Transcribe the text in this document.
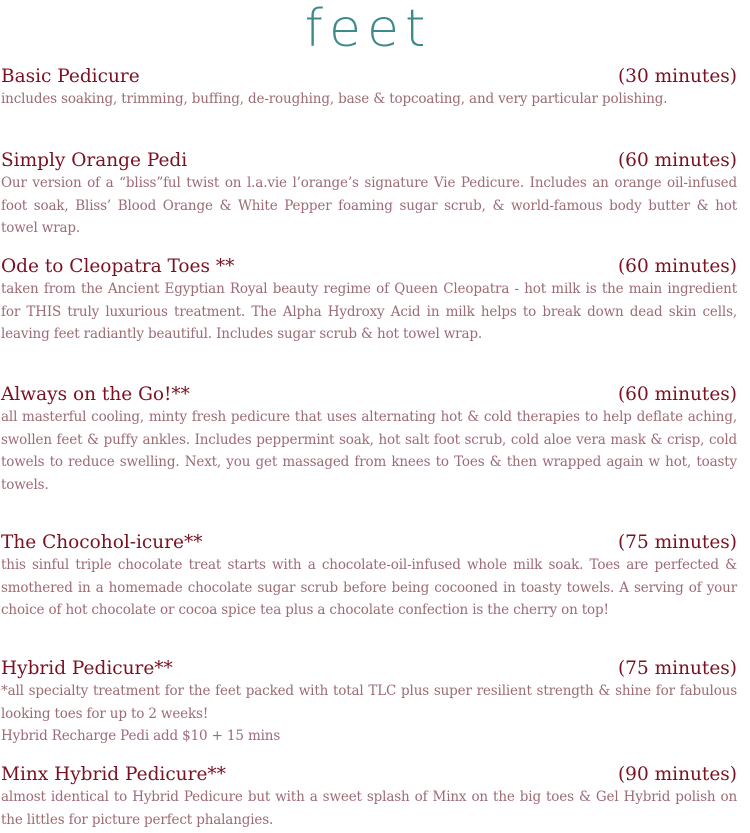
feet
Basic Pedicure	(30 minutes)
includes soaking, trimming, buffing, de-roughing, base & topcoating, and very particular polishing.
Simply Orange Pedi	(60 minutes)
Our version of a “bliss”ful twist on l.a.vie l’orange’s signature Vie Pedicure. Includes an orange oil-infused foot soak, Bliss’ Blood Orange & White Pepper foaming sugar scrub, & world-famous body butter & hot towel wrap.
Ode to Cleopatra Toes **	(60 minutes)
taken from the Ancient Egyptian Royal beauty regime of Queen Cleopatra - hot milk is the main ingredient for THIS truly luxurious treatment. The Alpha Hydroxy Acid in milk helps to break down dead skin cells, leaving feet radiantly beautiful. Includes sugar scrub & hot towel wrap.
Always on the Go!**	(60 minutes)
all masterful cooling, minty fresh pedicure that uses alternating hot & cold therapies to help deflate aching, swollen feet & puffy ankles. Includes peppermint soak, hot salt foot scrub, cold aloe vera mask & crisp, cold towels to reduce swelling. Next, you get massaged from knees to Toes & then wrapped again w hot, toasty towels.
The Chocohol-icure**	(75 minutes)
this sinful triple chocolate treat starts with a chocolate-oil-infused whole milk soak. Toes are perfected & smothered in a homemade chocolate sugar scrub before being cocooned in toasty towels. A serving of your choice of hot chocolate or cocoa spice tea plus a chocolate confection is the cherry on top!
Hybrid Pedicure**	(75 minutes)
*all specialty treatment for the feet packed with total TLC plus super resilient strength & shine for fabulous looking toes for up to 2 weeks!
Hybrid Recharge Pedi add $10 + 15 mins
Minx Hybrid Pedicure**	(90 minutes)
almost identical to Hybrid Pedicure but with a sweet splash of Minx on the big toes & Gel Hybrid polish on the littles for picture perfect phalangies.
